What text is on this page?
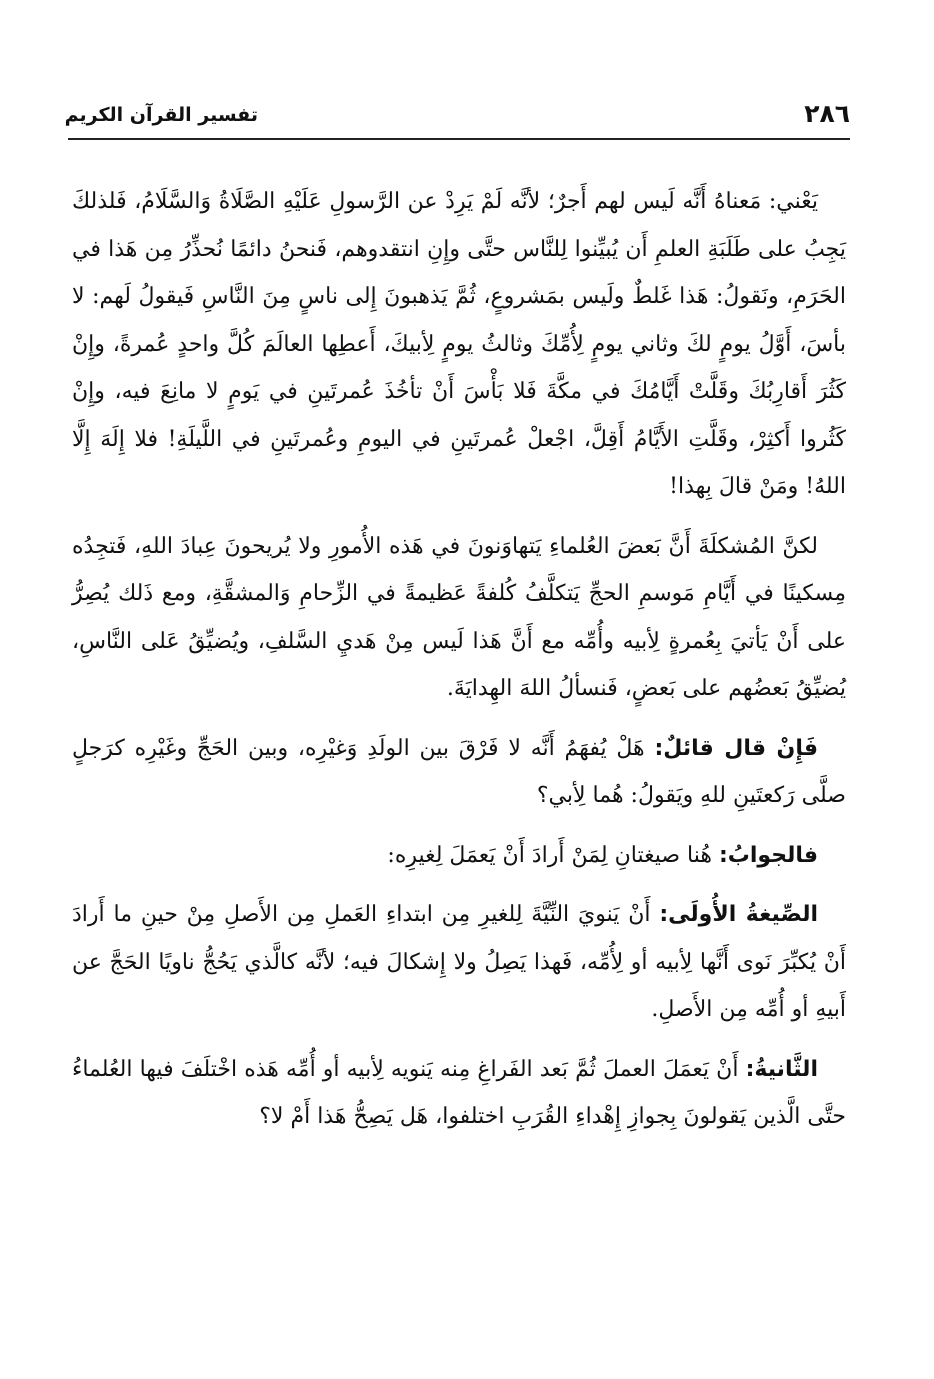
٢٨٦
تفسير القرآن الكريم

يَعْني: مَعناهُ أَنَّه لَيس لهم أَجرٌ؛ لأنَّه لَمْ يَرِدْ عن الرَّسولِ عَلَيْهِ الصَّلَاةُ وَالسَّلَامُ، فَلذلكَ يَجِبُ على طَلَبَةِ العلمِ أَن يُبيِّنوا لِلنَّاس حتَّى وإِنِ انتقدوهم، فَنحنُ دائمًا نُحذِّرُ مِن هَذا في الحَرَمِ، ونَقولُ: هَذا غَلطٌ ولَيس بمَشروعٍ، ثُمَّ يَذهبونَ إِلى ناسٍ مِنَ النَّاسِ فَيقولُ لَهم: لا بأسَ، أَوَّلُ يومٍ لكَ وثاني يومٍ لِأُمِّكَ وثالثُ يومٍ لِأبيكَ، أَعطِها العالَمَ كُلَّ واحدٍ عُمرةً، وإِنْ كَثُرَ أَقارِبُكَ وقَلَّتْ أَيَّامُكَ في مكَّةَ فَلا بَأْسَ أَنْ تأخُذَ عُمرتَينِ في يَومٍ لا مانِعَ فيه، وإِنْ كَثُروا أَكثِرْ، وقَلَّتِ الأَيَّامُ أَقِلَّ، اجْعلْ عُمرتَينِ في اليومِ وعُمرتَينِ في اللَّيلَةِ! فلا إِلَهَ إِلَّا اللهُ! ومَنْ قالَ بِهذا!

لكنَّ المُشكلَةَ أَنَّ بَعضَ العُلماءِ يَتهاوَنونَ في هَذه الأُمورِ ولا يُريحونَ عِبادَ اللهِ، فَتجِدُه مِسكينًا في أَيَّامِ مَوسمِ الحجِّ يَتكلَّفُ كُلفةً عَظيمةً في الزِّحامِ وَالمشقَّةِ، ومع ذَلك يُصِرُّ على أَنْ يَأتيَ بِعُمرةٍ لِأبيه وأُمِّه مع أَنَّ هَذا لَيس مِنْ هَديِ السَّلفِ، ويُضيِّقُ عَلى النَّاسِ، يُضيِّقُ بَعضُهم على بَعضٍ، فَنسألُ اللهَ الهِدايَةَ.

فَإِنْ قال قائلٌ: هَلْ يُفهَمُ أَنَّه لا فَرْقَ بين الولَدِ وَغيْرِه، وبين الحَجِّ وغَيْرِه كرَجلٍ صلَّى رَكعتَينِ للهِ ويَقولُ: هُما لِأبي؟

فالجوابُ: هُنا صيغتانِ لِمَنْ أَرادَ أَنْ يَعمَلَ لِغيرِه:

الصِّيغةُ الأُولَى: أَنْ يَنويَ النِّيَّةَ لِلغيرِ مِن ابتداءِ العَملِ مِن الأَصلِ مِنْ حينِ ما أَرادَ أَنْ يُكبِّرَ نَوى أَنَّها لِأبيه أو لِأُمِّه، فَهذا يَصِلُ ولا إِشكالَ فيه؛ لأنَّه كالَّذي يَحُجُّ ناويًا الحَجَّ عن أَبيهِ أو أُمِّه مِن الأَصلِ.

الثَّانيةُ: أَنْ يَعمَلَ العملَ ثُمَّ بَعد الفَراغِ مِنه يَنويه لِأبيه أو أُمِّه هَذه اخْتلَفَ فيها العُلماءُ حتَّى الَّذين يَقولونَ بِجوازِ إِهْداءِ القُرَبِ اختلفوا، هَل يَصِحُّ هَذا أَمْ لا؟
